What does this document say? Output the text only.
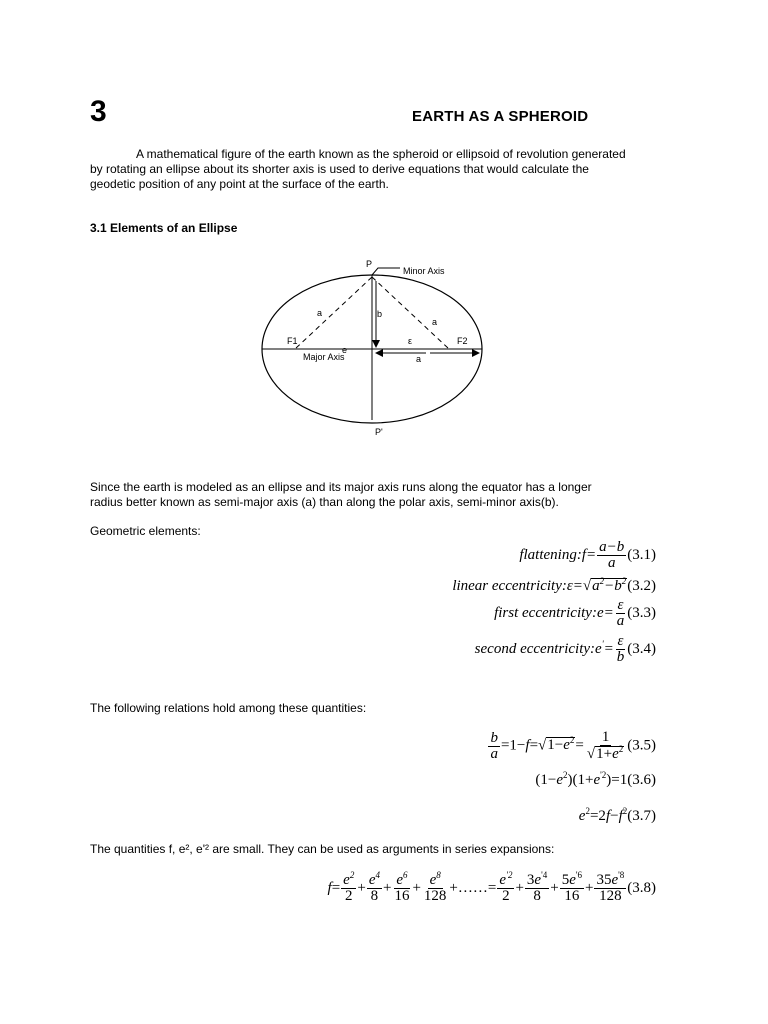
3	EARTH AS A SPHEROID

A mathematical figure of the earth known as the spheroid or ellipsoid of revolution generated

by rotating an ellipse about its shorter axis is used to derive equations that would calculate the

geodetic position of any point at the surface of the earth.

3.1 Elements of an Ellipse
P
Minor Axis
a	b
a
F1
e
ε	F2
Major Axis	a
P'

Since the earth is modeled as an ellipse and its major axis runs along the equator has a longer

radius better known as semi-major axis (a) than along the polar axis, semi-minor axis(b).

Geometric elements:
flattening:f= $\frac{a-b}{a} (3.1)$
linear $eccentricity:\varepsilon=√a^2-b^2(3.2)$
first eccentricity:e= $\frac{\varepsilon}{a} (3.3)$
second eccentricity:e'= $\frac{\varepsilon}{b} (3.4)$
The following relations hold among these quantities:
$\frac{b}{a} =1-f=√1-e^2= \frac{1}{√1+e^2} (3.5)$
$(1-e^2)(1+e^{'2})=1(3.6)$
$e^2=2f-f^2(3.7)$
The quantities f, e², e'² are small. They can be used as arguments in series expansions:
$f= \frac{e^2}{2} + \frac{e^4}{8} + \frac{e^6}{16} + \frac{e^8}{128}$ +……= $\frac{e^{'2}}{2} + \frac{3e^{'4}}{8} + \frac{5e^{'6}}{16} + \frac{35e^{'8}}{128} (3.8)$
